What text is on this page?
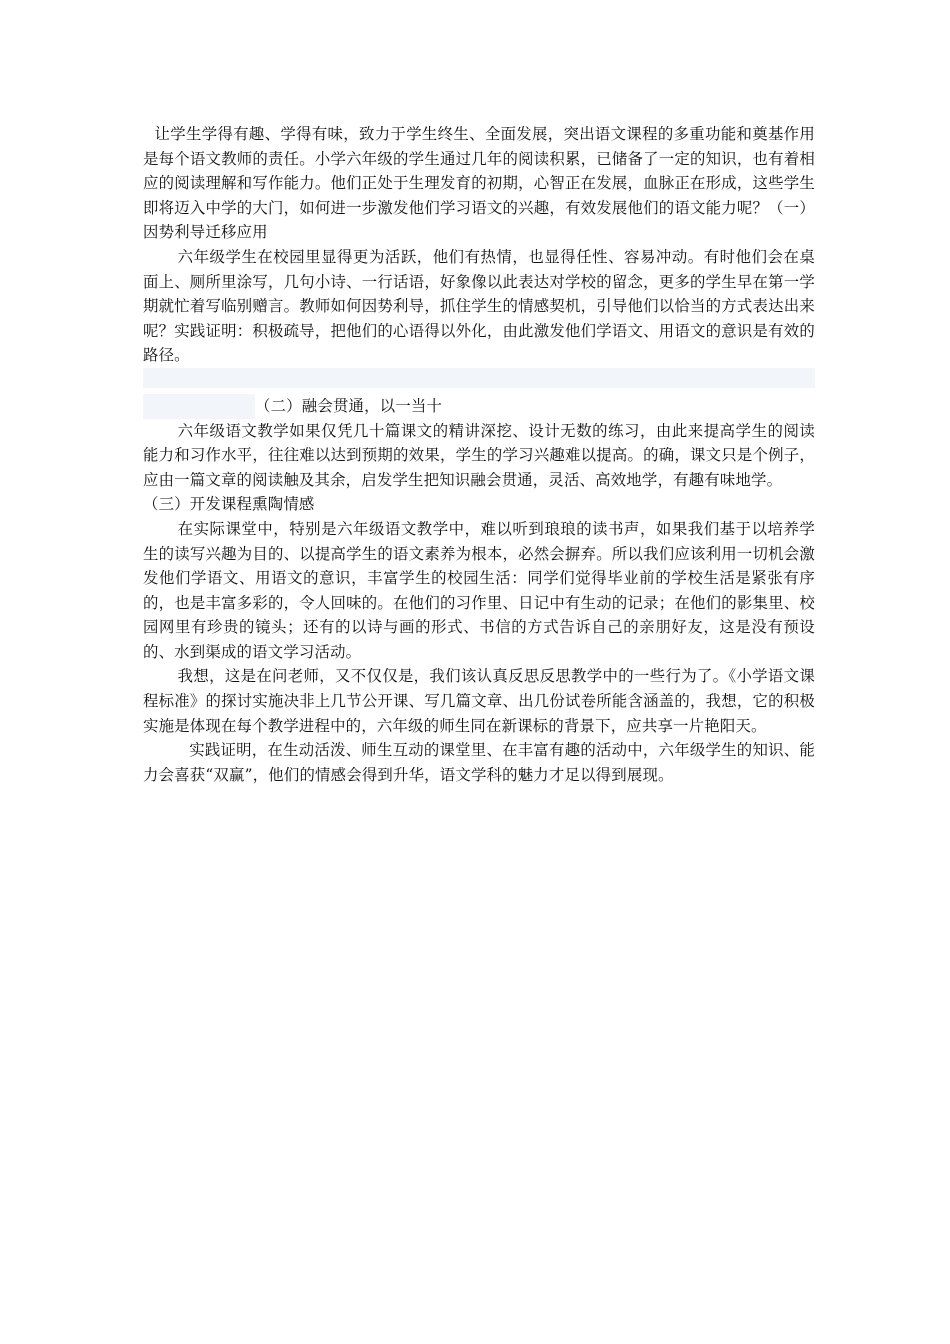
让学生学得有趣、学得有味，致力于学生终生、全面发展，突出语文课程的多重功能和奠基作用是每个语文教师的责任。小学六年级的学生通过几年的阅读积累，已储备了一定的知识，也有着相应的阅读理解和写作能力。他们正处于生理发育的初期，心智正在发展，血脉正在形成，这些学生即将迈入中学的大门，如何进一步激发他们学习语文的兴趣，有效发展他们的语文能力呢？（一）因势利导迁移应用

六年级学生在校园里显得更为活跃，他们有热情，也显得任性、容易冲动。有时他们会在桌面上、厕所里涂写，几句小诗、一行话语，好象像以此表达对学校的留念，更多的学生早在第一学期就忙着写临别赠言。教师如何因势利导，抓住学生的情感契机，引导他们以恰当的方式表达出来呢？实践证明：积极疏导，把他们的心语得以外化，由此激发他们学语文、用语文的意识是有效的路径。

（二）融会贯通，以一当十

六年级语文教学如果仅凭几十篇课文的精讲深挖、设计无数的练习，由此来提高学生的阅读能力和习作水平，往往难以达到预期的效果，学生的学习兴趣难以提高。的确，课文只是个例子，应由一篇文章的阅读触及其余，启发学生把知识融会贯通，灵活、高效地学，有趣有味地学。

（三）开发课程熏陶情感

在实际课堂中，特别是六年级语文教学中，难以听到琅琅的读书声，如果我们基于以培养学生的读写兴趣为目的、以提高学生的语文素养为根本，必然会摒弃。所以我们应该利用一切机会激发他们学语文、用语文的意识，丰富学生的校园生活：同学们觉得毕业前的学校生活是紧张有序的，也是丰富多彩的，令人回味的。在他们的习作里、日记中有生动的记录；在他们的影集里、校园网里有珍贵的镜头；还有的以诗与画的形式、书信的方式告诉自己的亲朋好友，这是没有预设的、水到渠成的语文学习活动。

我想，这是在问老师，又不仅仅是，我们该认真反思反思教学中的一些行为了。《小学语文课程标准》的探讨实施决非上几节公开课、写几篇文章、出几份试卷所能含涵盖的，我想，它的积极实施是体现在每个教学进程中的，六年级的师生同在新课标的背景下，应共享一片艳阳天。

实践证明，在生动活泼、师生互动的课堂里、在丰富有趣的活动中，六年级学生的知识、能力会喜获“双赢”，他们的情感会得到升华，语文学科的魅力才足以得到展现。
